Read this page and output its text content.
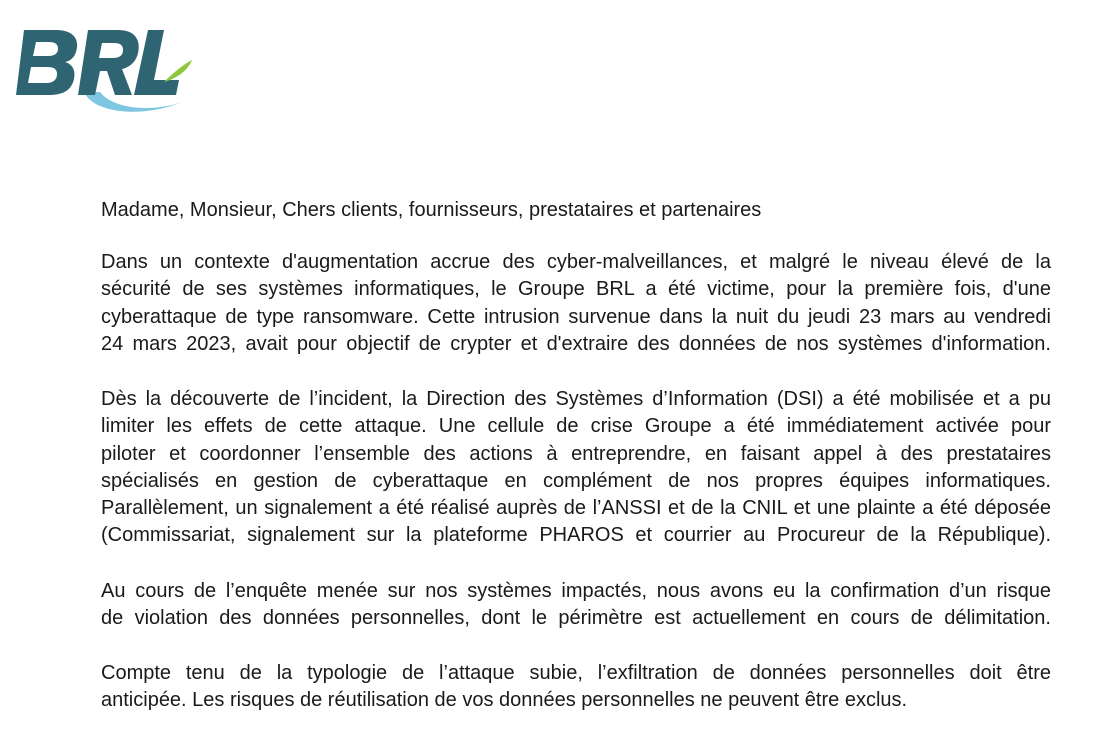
Madame, Monsieur, Chers clients, fournisseurs, prestataires et partenaires
Dans un contexte d'augmentation accrue des cyber-malveillances, et malgré le niveau élevé de la
sécurité de ses systèmes informatiques, le Groupe BRL a été victime, pour la première fois, d'une
cyberattaque de type ransomware. Cette intrusion survenue dans la nuit du jeudi 23 mars au vendredi
24 mars 2023, avait pour objectif de crypter et d'extraire des données de nos systèmes d'information.
Dès la découverte de l’incident, la Direction des Systèmes d’Information (DSI) a été mobilisée et a pu
limiter les effets de cette attaque. Une cellule de crise Groupe a été immédiatement activée pour
piloter et coordonner l’ensemble des actions à entreprendre, en faisant appel à des prestataires
spécialisés en gestion de cyberattaque en complément de nos propres équipes informatiques.
Parallèlement, un signalement a été réalisé auprès de l’ANSSI et de la CNIL et une plainte a été déposée
(Commissariat, signalement sur la plateforme PHAROS et courrier au Procureur de la République).
Au cours de l’enquête menée sur nos systèmes impactés, nous avons eu la confirmation d’un risque
de violation des données personnelles, dont le périmètre est actuellement en cours de délimitation.
Compte tenu de la typologie de l’attaque subie, l’exfiltration de données personnelles doit être
anticipée. Les risques de réutilisation de vos données personnelles ne peuvent être exclus.
